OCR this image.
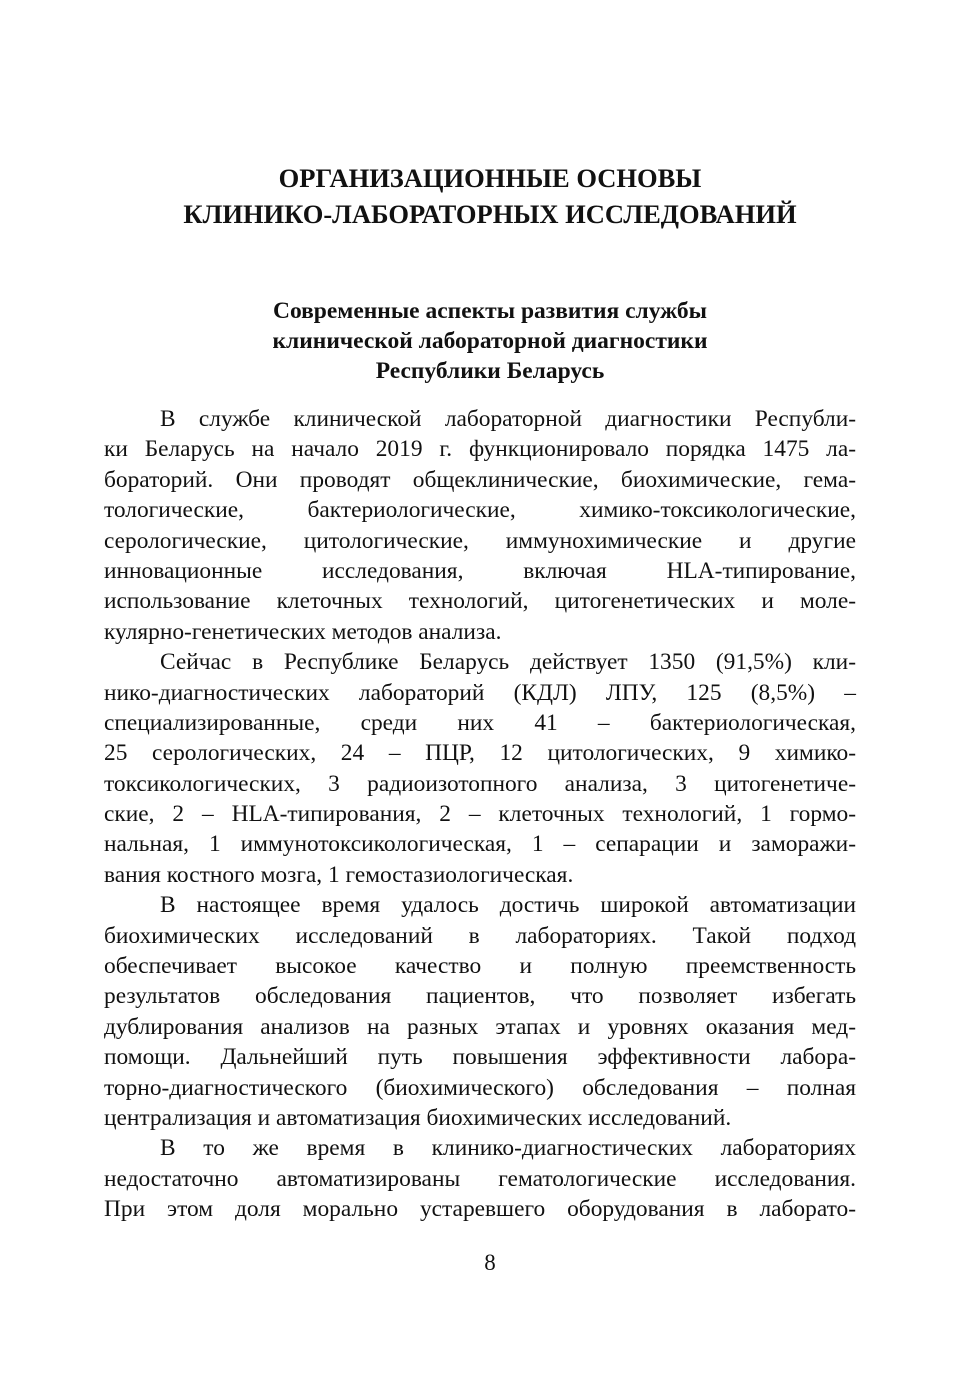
ОРГАНИЗАЦИОННЫЕ ОСНОВЫ
КЛИНИКО-ЛАБОРАТОРНЫХ ИССЛЕДОВАНИЙ
Современные аспекты развития службы
клинической лабораторной диагностики
Республики Беларусь

В службе клинической лабораторной диагностики Республи-
ки Беларусь на начало 2019 г. функционировало порядка 1475 ла-
бораторий. Они проводят общеклинические, биохимические, гема-
тологические, бактериологические, химико-токсикологические,
серологические, цитологические, иммунохимические и другие
инновационные исследования, включая HLA-типирование,
использование клеточных технологий, цитогенетических и моле-
кулярно-генетических методов анализа.

Сейчас в Республике Беларусь действует 1350 (91,5%) кли-
нико-диагностических лабораторий (КДЛ) ЛПУ, 125 (8,5%) –
специализированные, среди них 41 – бактериологическая,
25 серологических, 24 – ПЦР, 12 цитологических, 9 химико-
токсикологических, 3 радиоизотопного анализа, 3 цитогенетиче-
ские, 2 – HLA-типирования, 2 – клеточных технологий, 1 гормо-
нальная, 1 иммунотоксикологическая, 1 – сепарации и заморажи-
вания костного мозга, 1 гемостазиологическая.

В настоящее время удалось достичь широкой автоматизации
биохимических исследований в лабораториях. Такой подход
обеспечивает высокое качество и полную преемственность
результатов обследования пациентов, что позволяет избегать
дублирования анализов на разных этапах и уровнях оказания мед-
помощи. Дальнейший путь повышения эффективности лабора-
торно-диагностического (биохимического) обследования – полная
централизация и автоматизация биохимических исследований.

В то же время в клинико-диагностических лабораториях
недостаточно автоматизированы гематологические исследования.
При этом доля морально устаревшего оборудования в лаборато-

8
